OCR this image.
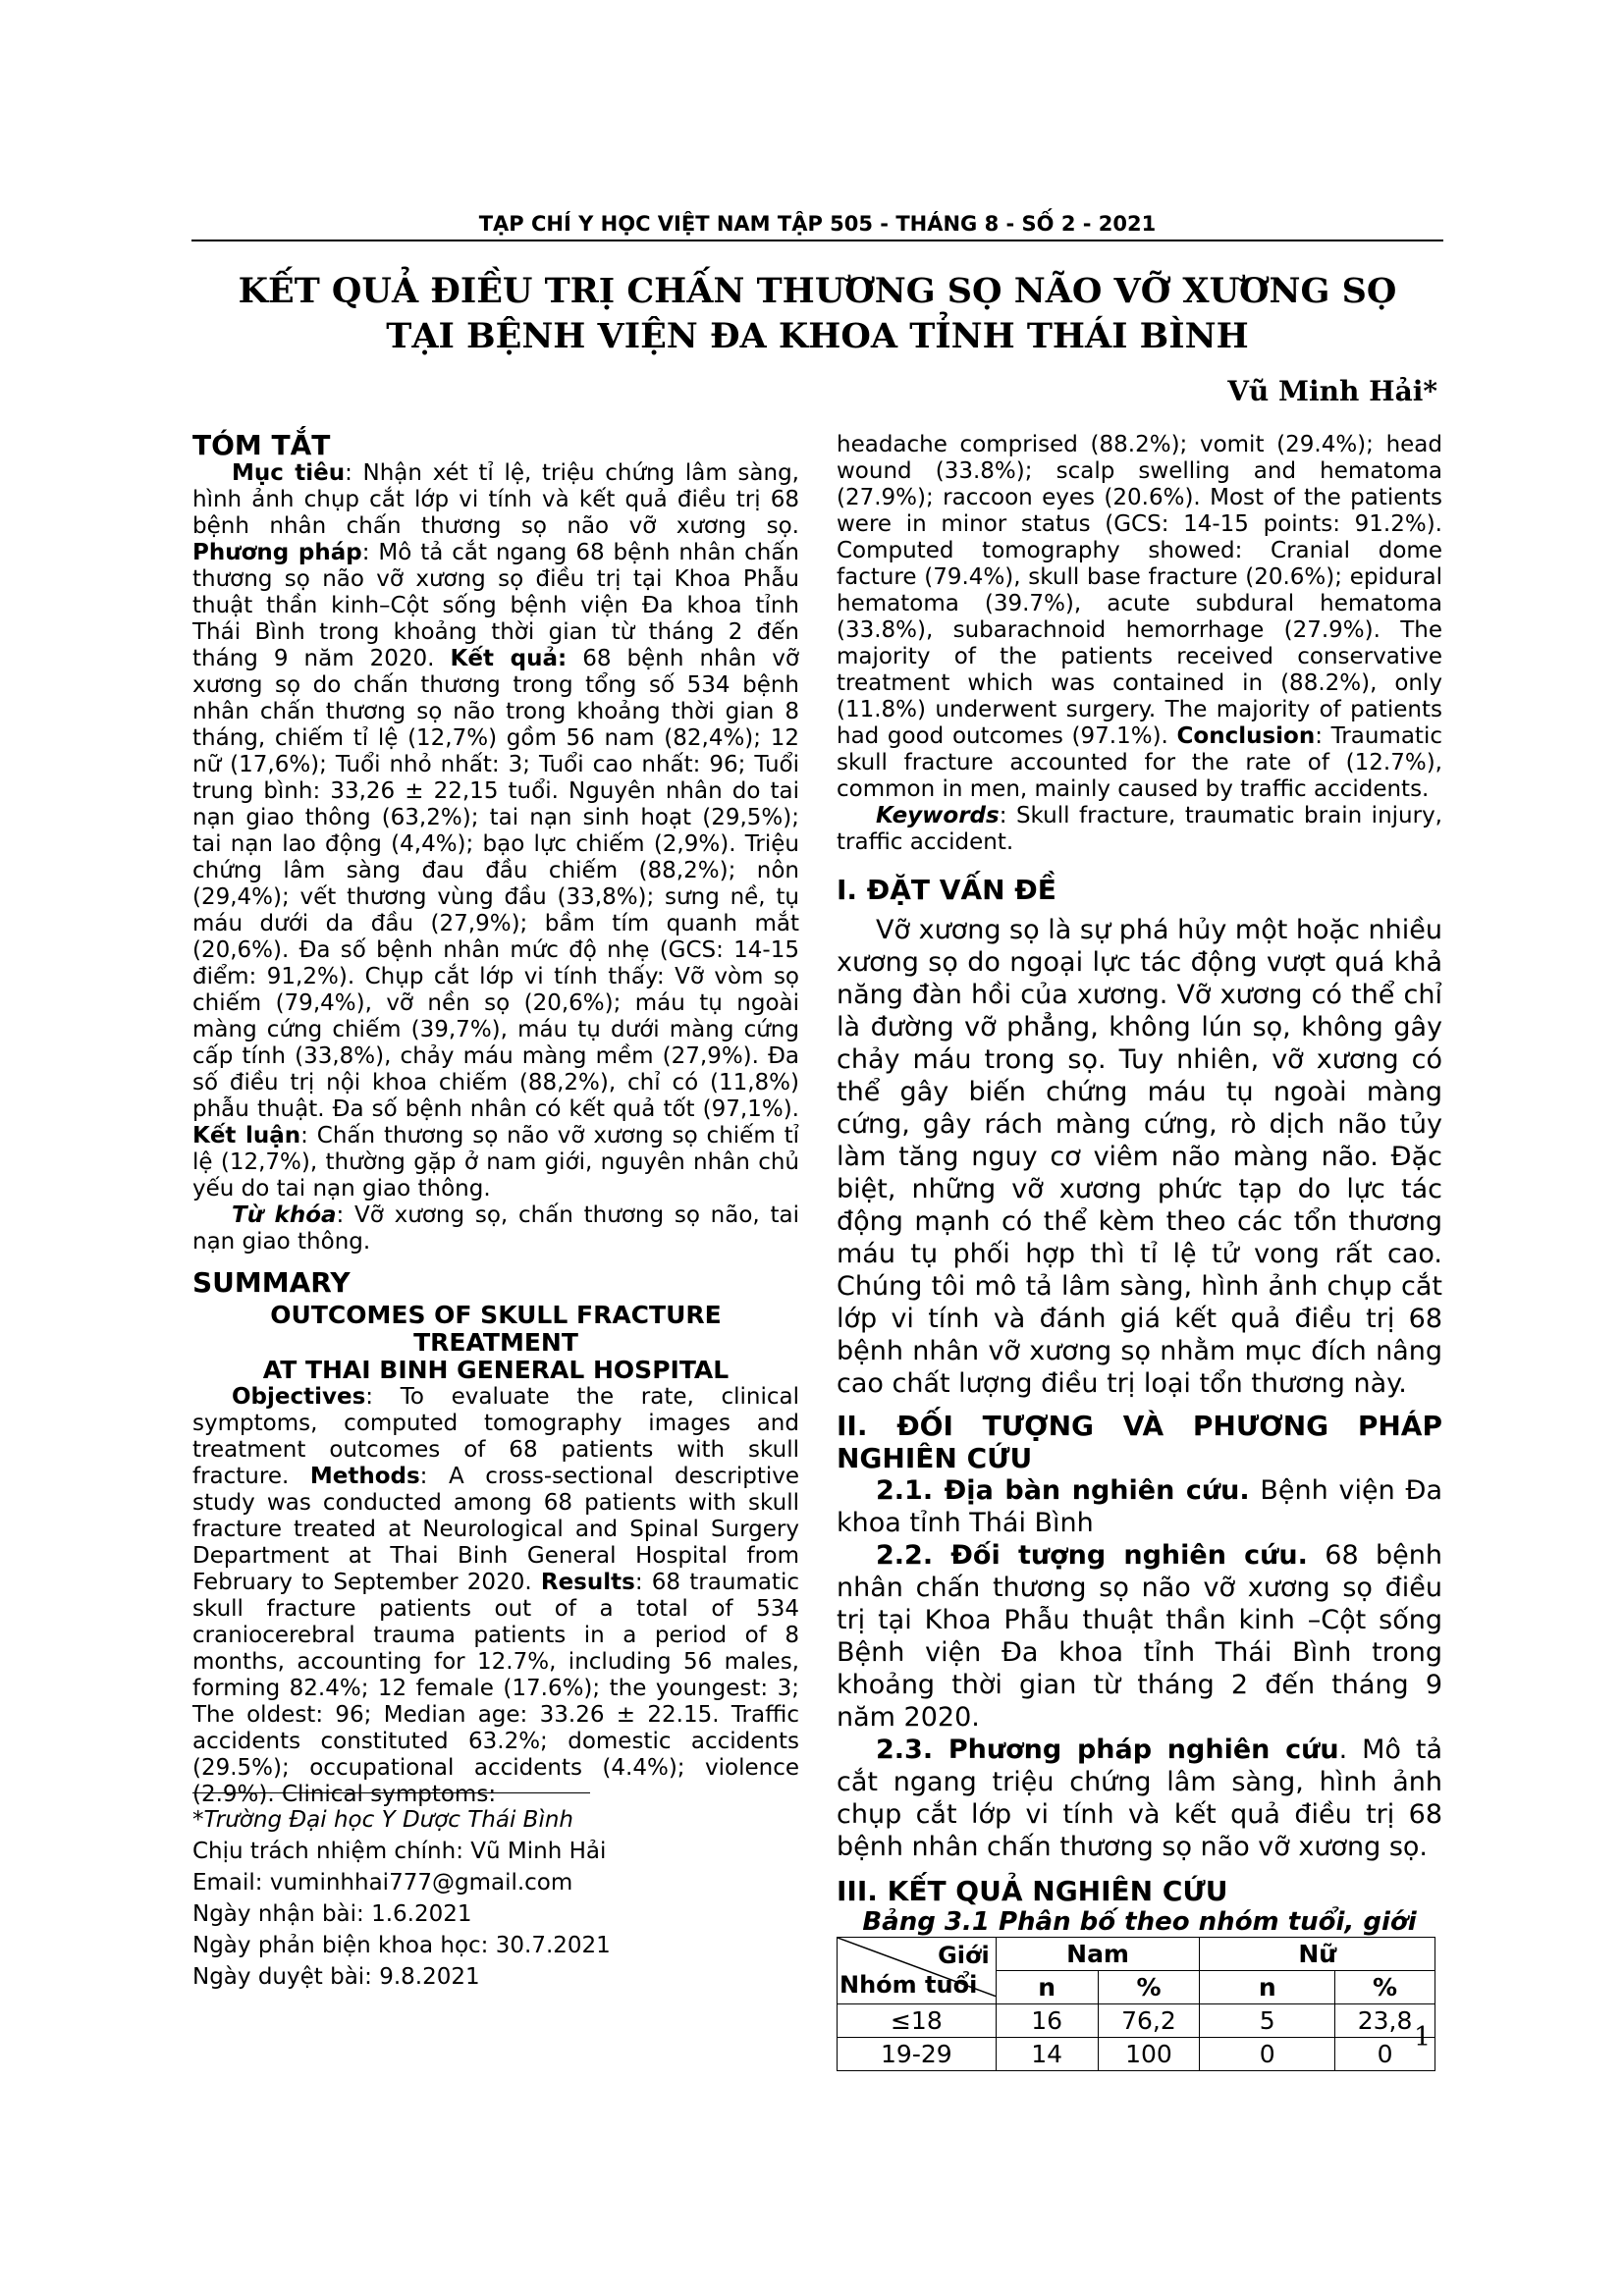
TẠP CHÍ Y HỌC VIỆT NAM TẬP 505 - THÁNG 8 - SỐ 2 - 2021
KẾT QUẢ ĐIỀU TRỊ CHẤN THƯƠNG SỌ NÃO VỠ XƯƠNG SỌ
TẠI BỆNH VIỆN ĐA KHOA TỈNH THÁI BÌNH
Vũ Minh Hải*
TÓM TẮT

Mục tiêu: Nhận xét tỉ lệ, triệu chứng lâm sàng, hình ảnh chụp cắt lớp vi tính và kết quả điều trị 68 bệnh nhân chấn thương sọ não vỡ xương sọ. Phương pháp: Mô tả cắt ngang 68 bệnh nhân chấn thương sọ não vỡ xương sọ điều trị tại Khoa Phẫu thuật thần kinh–Cột sống bệnh viện Đa khoa tỉnh Thái Bình trong khoảng thời gian từ tháng 2 đến tháng 9 năm 2020. Kết quả: 68 bệnh nhân vỡ xương sọ do chấn thương trong tổng số 534 bệnh nhân chấn thương sọ não trong khoảng thời gian 8 tháng, chiếm tỉ lệ (12,7%) gồm 56 nam (82,4%); 12 nữ (17,6%); Tuổi nhỏ nhất: 3; Tuổi cao nhất: 96; Tuổi trung bình: 33,26 ± 22,15 tuổi. Nguyên nhân do tai nạn giao thông (63,2%); tai nạn sinh hoạt (29,5%); tai nạn lao động (4,4%); bạo lực chiếm (2,9%). Triệu chứng lâm sàng đau đầu chiếm (88,2%); nôn (29,4%); vết thương vùng đầu (33,8%); sưng nề, tụ máu dưới da đầu (27,9%); bầm tím quanh mắt (20,6%). Đa số bệnh nhân mức độ nhẹ (GCS: 14-15 điểm: 91,2%). Chụp cắt lớp vi tính thấy: Vỡ vòm sọ chiếm (79,4%), vỡ nền sọ (20,6%); máu tụ ngoài màng cứng chiếm (39,7%), máu tụ dưới màng cứng cấp tính (33,8%), chảy máu màng mềm (27,9%). Đa số điều trị nội khoa chiếm (88,2%), chỉ có (11,8%) phẫu thuật. Đa số bệnh nhân có kết quả tốt (97,1%). Kết luận: Chấn thương sọ não vỡ xương sọ chiếm tỉ lệ (12,7%), thường gặp ở nam giới, nguyên nhân chủ yếu do tai nạn giao thông.

Từ khóa: Vỡ xương sọ, chấn thương sọ não, tai nạn giao thông.

SUMMARY
OUTCOMES OF SKULL FRACTURE TREATMENT
AT THAI BINH GENERAL HOSPITAL

Objectives: To evaluate the rate, clinical symptoms, computed tomography images and treatment outcomes of 68 patients with skull fracture. Methods: A cross-sectional descriptive study was conducted among 68 patients with skull fracture treated at Neurological and Spinal Surgery Department at Thai Binh General Hospital from February to September 2020. Results: 68 traumatic skull fracture patients out of a total of 534 craniocerebral trauma patients in a period of 8 months, accounting for 12.7%, including 56 males, forming 82.4%; 12 female (17.6%); the youngest: 3; The oldest: 96; Median age: 33.26 ± 22.15. Traffic accidents constituted 63.2%; domestic accidents (29.5%); occupational accidents (4.4%); violence (2.9%). Clinical symptoms:

*Trường Đại học Y Dược Thái Bình
Chịu trách nhiệm chính: Vũ Minh Hải
Email: vuminhhai777@gmail.com
Ngày nhận bài: 1.6.2021
Ngày phản biện khoa học: 30.7.2021
Ngày duyệt bài: 9.8.2021

headache comprised (88.2%); vomit (29.4%); head wound (33.8%); scalp swelling and hematoma (27.9%); raccoon eyes (20.6%). Most of the patients were in minor status (GCS: 14-15 points: 91.2%). Computed tomography showed: Cranial dome facture (79.4%), skull base fracture (20.6%); epidural hematoma (39.7%), acute subdural hematoma (33.8%), subarachnoid hemorrhage (27.9%). The majority of the patients received conservative treatment which was contained in (88.2%), only (11.8%) underwent surgery. The majority of patients had good outcomes (97.1%). Conclusion: Traumatic skull fracture accounted for the rate of (12.7%), common in men, mainly caused by traffic accidents.

Keywords: Skull fracture, traumatic brain injury, traffic accident.

I. ĐẶT VẤN ĐỀ

Vỡ xương sọ là sự phá hủy một hoặc nhiều xương sọ do ngoại lực tác động vượt quá khả năng đàn hồi của xương. Vỡ xương có thể chỉ là đường vỡ phẳng, không lún sọ, không gây chảy máu trong sọ. Tuy nhiên, vỡ xương có thể gây biến chứng máu tụ ngoài màng cứng, gây rách màng cứng, rò dịch não tủy làm tăng nguy cơ viêm não màng não. Đặc biệt, những vỡ xương phức tạp do lực tác động mạnh có thể kèm theo các tổn thương máu tụ phối hợp thì tỉ lệ tử vong rất cao. Chúng tôi mô tả lâm sàng, hình ảnh chụp cắt lớp vi tính và đánh giá kết quả điều trị 68 bệnh nhân vỡ xương sọ nhằm mục đích nâng cao chất lượng điều trị loại tổn thương này.

II. ĐỐI TƯỢNG VÀ PHƯƠNG PHÁP NGHIÊN CỨU

2.1. Địa bàn nghiên cứu. Bệnh viện Đa khoa tỉnh Thái Bình

2.2. Đối tượng nghiên cứu. 68 bệnh nhân chấn thương sọ não vỡ xương sọ điều trị tại Khoa Phẫu thuật thần kinh –Cột sống Bệnh viện Đa khoa tỉnh Thái Bình trong khoảng thời gian từ tháng 2 đến tháng 9 năm 2020.

2.3. Phương pháp nghiên cứu. Mô tả cắt ngang triệu chứng lâm sàng, hình ảnh chụp cắt lớp vi tính và kết quả điều trị 68 bệnh nhân chấn thương sọ não vỡ xương sọ.

III. KẾT QUẢ NGHIÊN CỨU
Bảng 3.1 Phân bố theo nhóm tuổi, giới
Giới
Nhóm tuổi	Nam		Nữ	
	n	%	n	%
≤18	16	76,2	5	23,8
19-29	14	100	0	0
1
